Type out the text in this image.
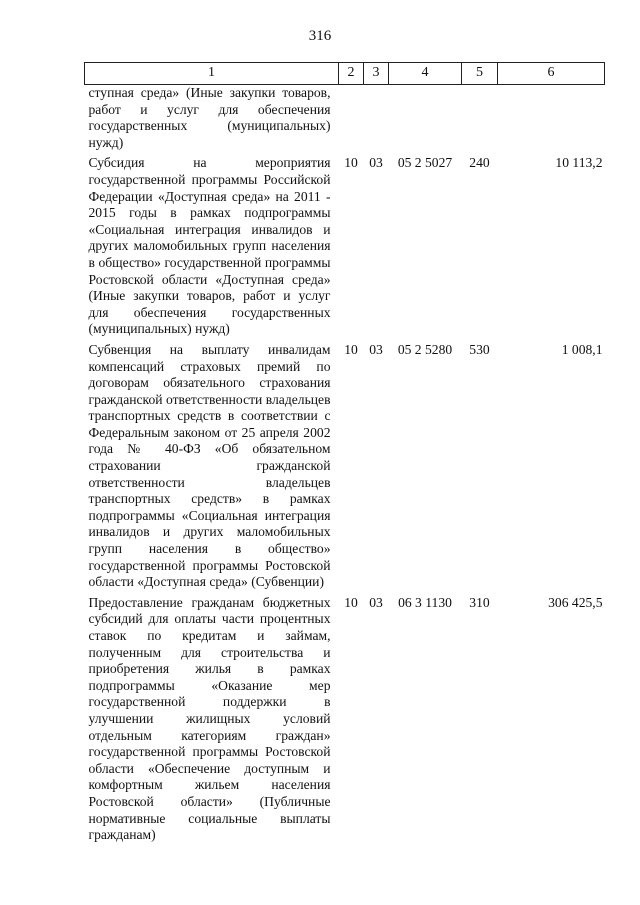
316
1	2	3	4	5	6
ступная среда» (Иные закупки товаров, работ и услуг для обеспечения государственных (муниципальных) нужд)					
Субсидия на мероприятия государственной программы Российской Федерации «Доступная среда» на 2011 - 2015 годы в рамках подпрограммы «Социальная интеграция инвалидов и других маломобильных групп населения в общество» государственной программы Ростовской области «Доступная среда» (Иные закупки товаров, работ и услуг для обеспечения государственных (муниципальных) нужд)	10	03	05 2 5027	240	10 113,2
Субвенция на выплату инвалидам компенсаций страховых премий по договорам обязательного страхования гражданской ответственности владельцев транспортных средств в соответствии с Федеральным законом от 25 апреля 2002 года № 40-ФЗ «Об обязательном страховании гражданской ответственности владельцев транспортных средств» в рамках подпрограммы «Социальная интеграция инвалидов и других маломобильных групп населения в общество» государственной программы Ростовской области «Доступная среда» (Субвенции)	10	03	05 2 5280	530	1 008,1
Предоставление гражданам бюджетных субсидий для оплаты части процентных ставок по кредитам и займам, полученным для строительства и приобретения жилья в рамках подпрограммы «Оказание мер государственной поддержки в улучшении жилищных условий отдельным категориям граждан» государственной программы Ростовской области «Обеспечение доступным и комфортным жильем населения Ростовской области» (Публичные нормативные социальные выплаты гражданам)	10	03	06 3 1130	310	306 425,5
